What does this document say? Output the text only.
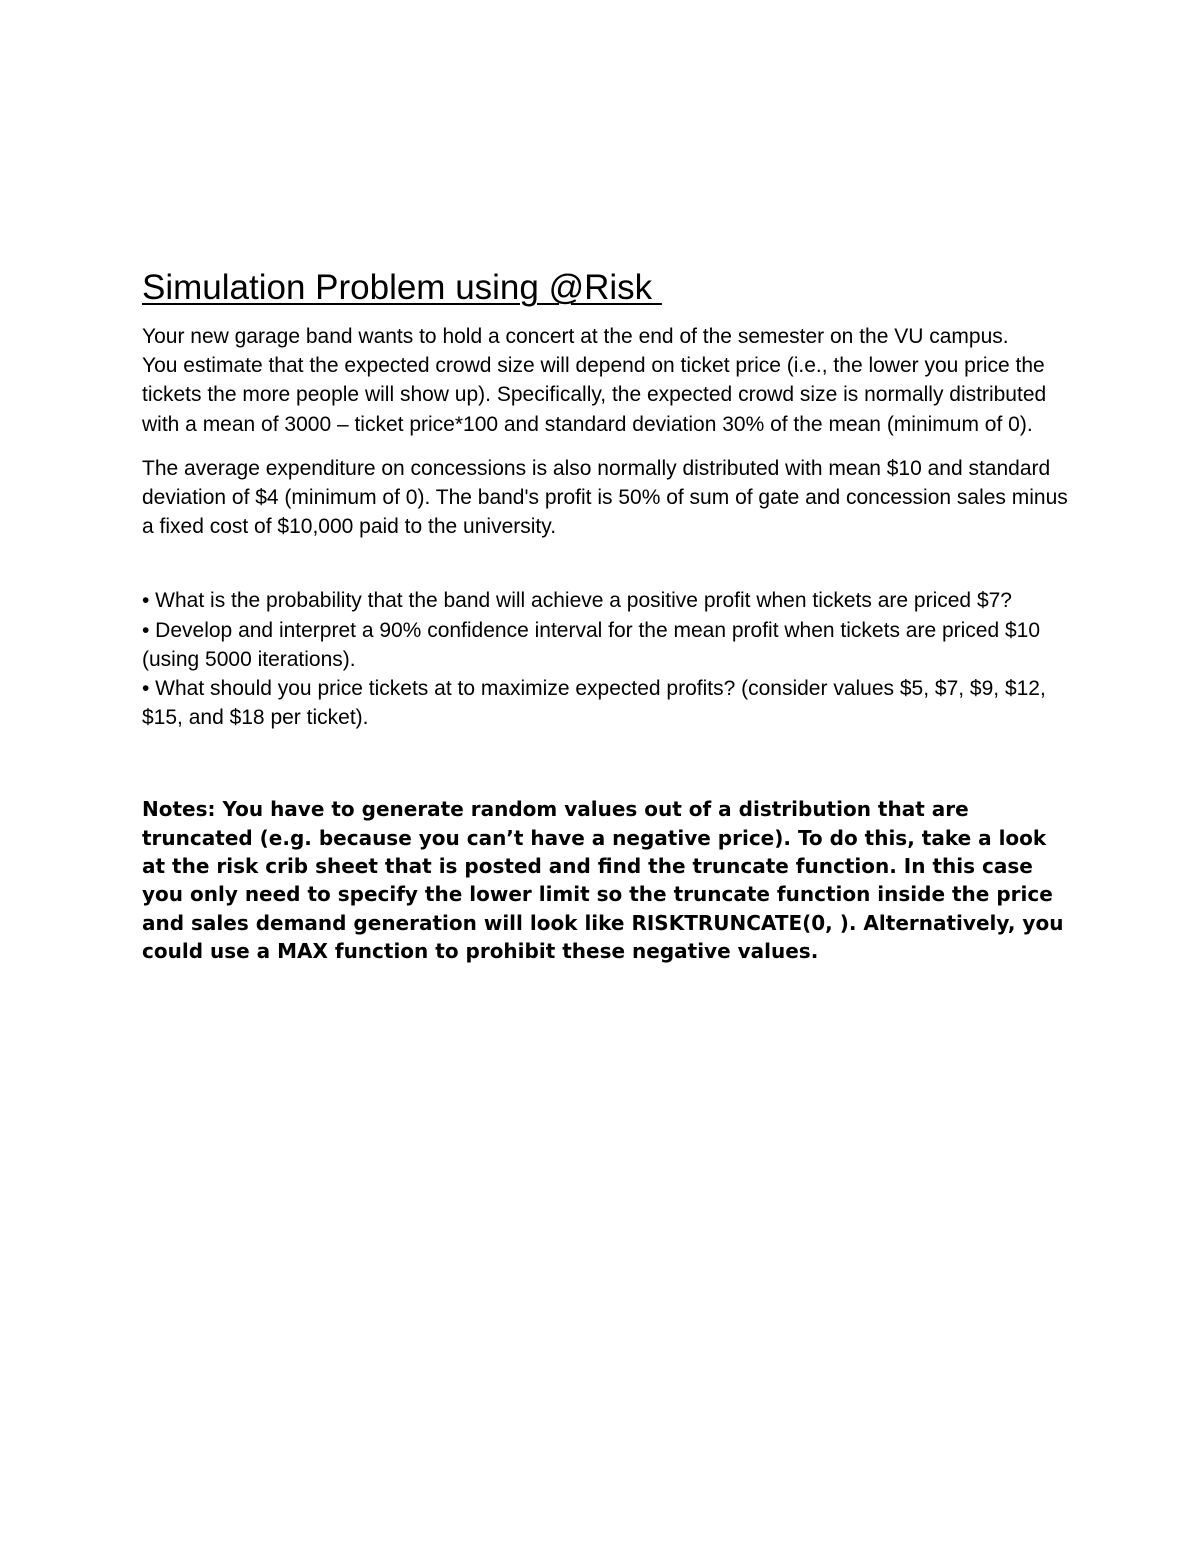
Simulation Problem using @Risk

Your new garage band wants to hold a concert at the end of the semester on the VU campus.

You estimate that the expected crowd size will depend on ticket price (i.e., the lower you price the tickets the more people will show up). Specifically, the expected crowd size is normally distributed with a mean of 3000 – ticket price*100 and standard deviation 30% of the mean (minimum of 0).

The average expenditure on concessions is also normally distributed with mean $10 and standard deviation of $4 (minimum of 0). The band's profit is 50% of sum of gate and concession sales minus a fixed cost of $10,000 paid to the university.

• What is the probability that the band will achieve a positive profit when tickets are priced $7?

• Develop and interpret a 90% confidence interval for the mean profit when tickets are priced $10 (using 5000 iterations).

• What should you price tickets at to maximize expected profits? (consider values $5, $7, $9, $12, $15, and $18 per ticket).

Notes: You have to generate random values out of a distribution that are truncated (e.g. because you can’t have a negative price). To do this, take a look at the risk crib sheet that is posted and find the truncate function. In this case you only need to specify the lower limit so the truncate function inside the price and sales demand generation will look like RISKTRUNCATE(0, ). Alternatively, you could use a MAX function to prohibit these negative values.
